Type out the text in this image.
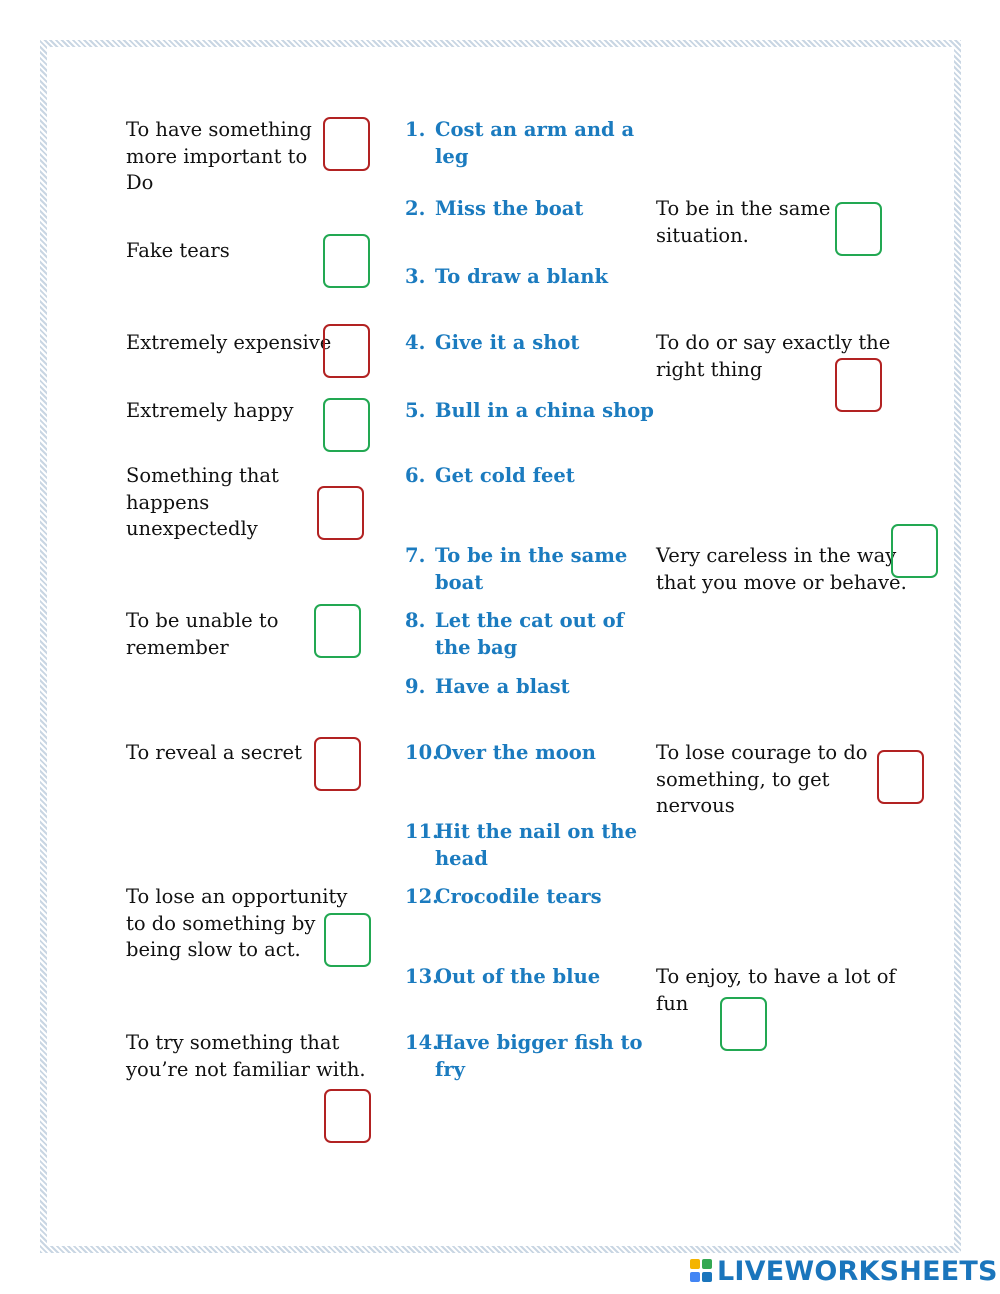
To have something
more important to
Do
Fake tears
Extremely expensive
Extremely happy
Something that
happens
unexpectedly
To be unable to
remember
To reveal a secret
To lose an opportunity
to do something by
being slow to act.
To try something that
you’re not familiar with.
To be in the same
situation.
To do or say exactly the
right thing
Very careless in the way
that you move or behave.
To lose courage to do
something, to get
nervous
To enjoy, to have a lot of
fun
1. Cost an arm and a
leg
2. Miss the boat
3. To draw a blank
4. Give it a shot
5. Bull in a china shop
6. Get cold feet
7. To be in the same
boat
8. Let the cat out of
the bag
9. Have a blast
10.
Over the moon
11.
Hit the nail on the
head
12.
Crocodile tears
13.
Out of the blue
14.
Have bigger fish to
fry
LIVEWORKSHEETS
